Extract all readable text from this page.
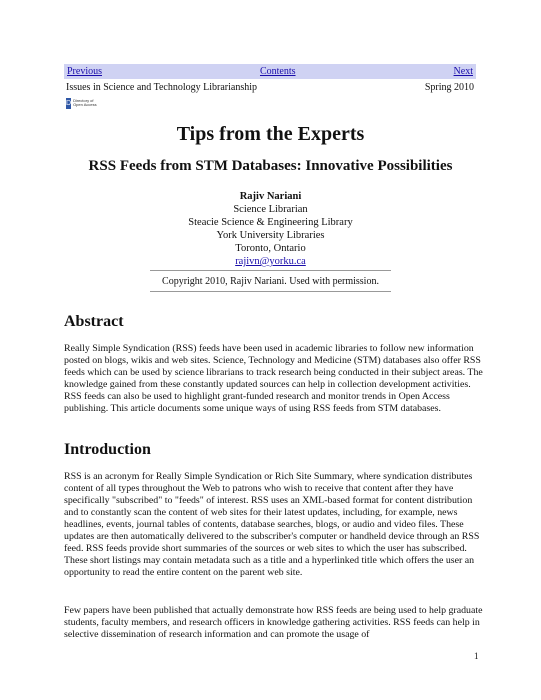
Previous	Contents	Next
Issues in Science and Technology Librarianship	Spring 2010
D Directory of Open Access
Tips from the Experts
RSS Feeds from STM Databases: Innovative Possibilities
Rajiv Nariani
Science Librarian
Steacie Science & Engineering Library
York University Libraries
Toronto, Ontario
rajivn@yorku.ca
Copyright 2010, Rajiv Nariani. Used with permission.
Abstract

Really Simple Syndication (RSS) feeds have been used in academic libraries to follow new information posted on blogs, wikis and web sites. Science, Technology and Medicine (STM) databases also offer RSS feeds which can be used by science librarians to track research being conducted in their subject areas. The knowledge gained from these constantly updated sources can help in collection development activities. RSS feeds can also be used to highlight grant-funded research and monitor trends in Open Access publishing. This article documents some unique ways of using RSS feeds from STM databases.

Introduction

RSS is an acronym for Really Simple Syndication or Rich Site Summary, where syndication distributes content of all types throughout the Web to patrons who wish to receive that content after they have specifically "subscribed" to "feeds" of interest. RSS uses an XML-based format for content distribution and to constantly scan the content of web sites for their latest updates, including, for example, news headlines, events, journal tables of contents, database searches, blogs, or audio and video files. These updates are then automatically delivered to the subscriber's computer or handheld device through an RSS feed. RSS feeds provide short summaries of the sources or web sites to which the user has subscribed. These short listings may contain metadata such as a title and a hyperlinked title which offers the user an opportunity to read the entire content on the parent web site.

Few papers have been published that actually demonstrate how RSS feeds are being used to help graduate students, faculty members, and research officers in knowledge gathering activities. RSS feeds can help in selective dissemination of research information and can promote the usage of

1
